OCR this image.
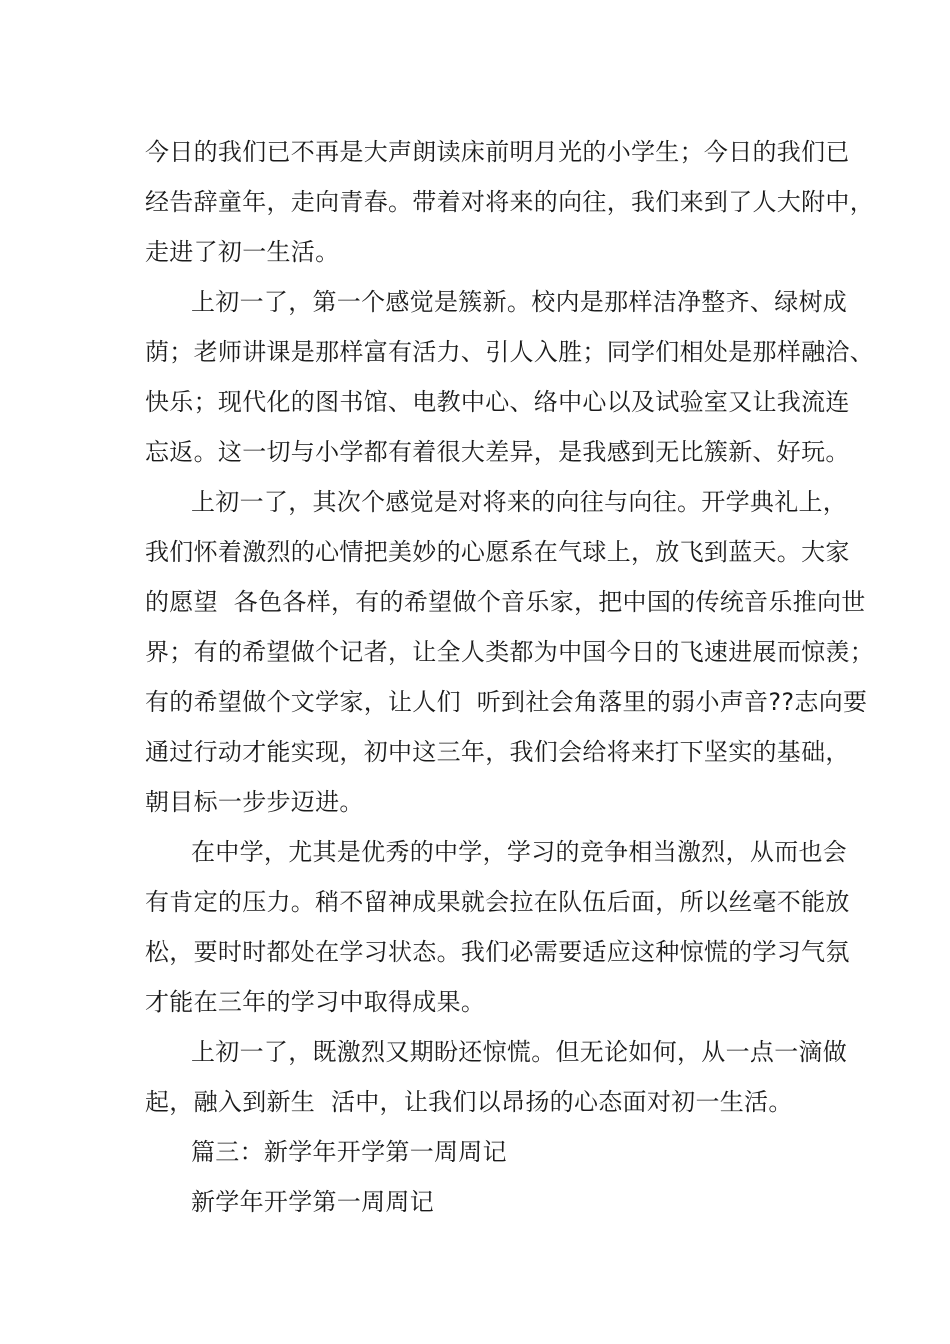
今日的我们已不再是大声朗读床前明月光的小学生；今日的我们已
经告辞童年，走向青春。带着对将来的向往，我们来到了人大附中，
走进了初一生活。
上初一了，第一个感觉是簇新。校内是那样洁净整齐、绿树成
荫；老师讲课是那样富有活力、引人入胜；同学们相处是那样融洽、
快乐；现代化的图书馆、电教中心、络中心以及试验室又让我流连
忘返。这一切与小学都有着很大差异，是我感到无比簇新、好玩。
上初一了，其次个感觉是对将来的向往与向往。开学典礼上，
我们怀着激烈的心情把美妙的心愿系在气球上，放飞到蓝天。大家
的愿望  各色各样，有的希望做个音乐家，把中国的传统音乐推向世
界；有的希望做个记者，让全人类都为中国今日的飞速进展而惊羡；
有的希望做个文学家，让人们  听到社会角落里的弱小声音??志向要
通过行动才能实现，初中这三年，我们会给将来打下坚实的基础，
朝目标一步步迈进。
在中学，尤其是优秀的中学，学习的竞争相当激烈，从而也会
有肯定的压力。稍不留神成果就会拉在队伍后面，所以丝毫不能放
松，要时时都处在学习状态。我们必需要适应这种惊慌的学习气氛
才能在三年的学习中取得成果。
上初一了，既激烈又期盼还惊慌。但无论如何，从一点一滴做
起，融入到新生  活中，让我们以昂扬的心态面对初一生活。
篇三：新学年开学第一周周记
新学年开学第一周周记
